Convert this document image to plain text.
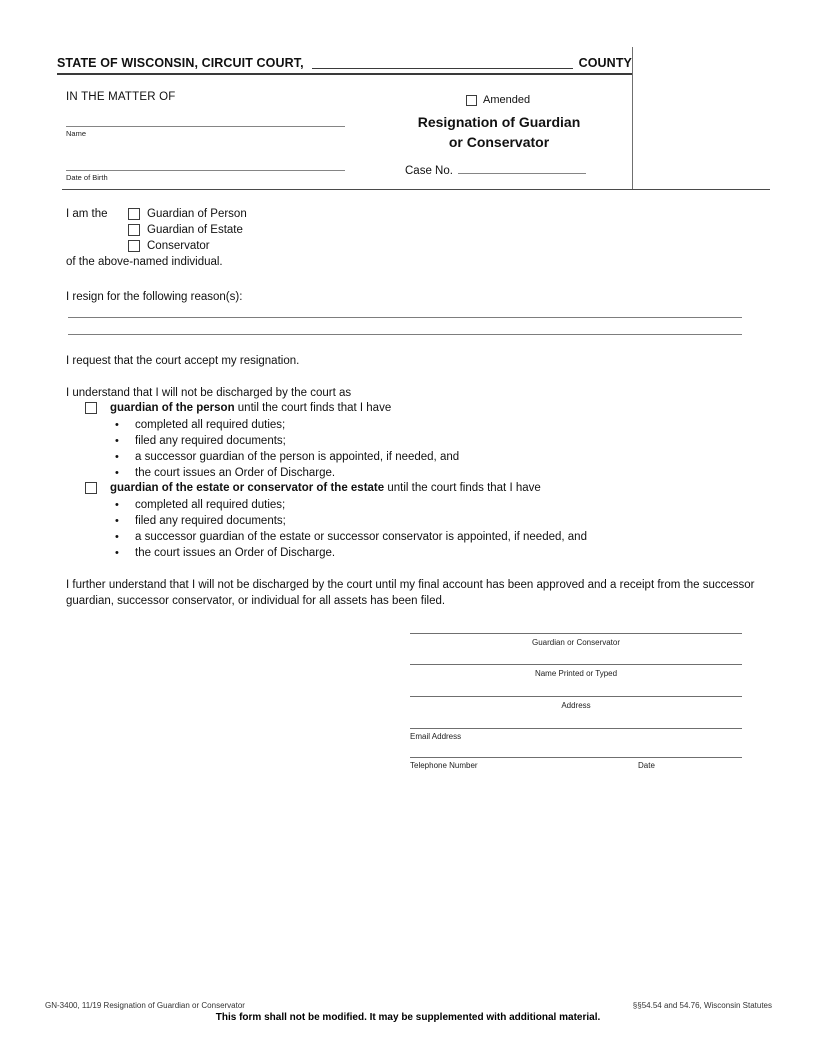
STATE OF WISCONSIN, CIRCUIT COURT,	COUNTY
IN THE MATTER OF
Name
Date of Birth
Amended
Resignation of Guardian
or Conservator
Case No.
I am the	Guardian of Person
Guardian of Estate
Conservator
of the above-named individual.
I resign for the following reason(s):
I request that the court accept my resignation.
I understand that I will not be discharged by the court as
guardian of the person until the court finds that I have
•	completed all required duties;
•	filed any required documents;
•	a successor guardian of the person is appointed, if needed, and
•	the court issues an Order of Discharge.
guardian of the estate or conservator of the estate until the court finds that I have
•	completed all required duties;
•	filed any required documents;
•	a successor guardian of the estate or successor conservator is appointed, if needed, and
•	the court issues an Order of Discharge.
I further understand that I will not be discharged by the court until my final account has been approved and a receipt from the successor guardian, successor conservator, or individual for all assets has been filed.
Guardian or Conservator
Name Printed or Typed
Address
Email Address
Telephone Number	Date
GN-3400, 11/19 Resignation of Guardian or Conservator	§§54.54 and 54.76, Wisconsin Statutes
This form shall not be modified. It may be supplemented with additional material.
